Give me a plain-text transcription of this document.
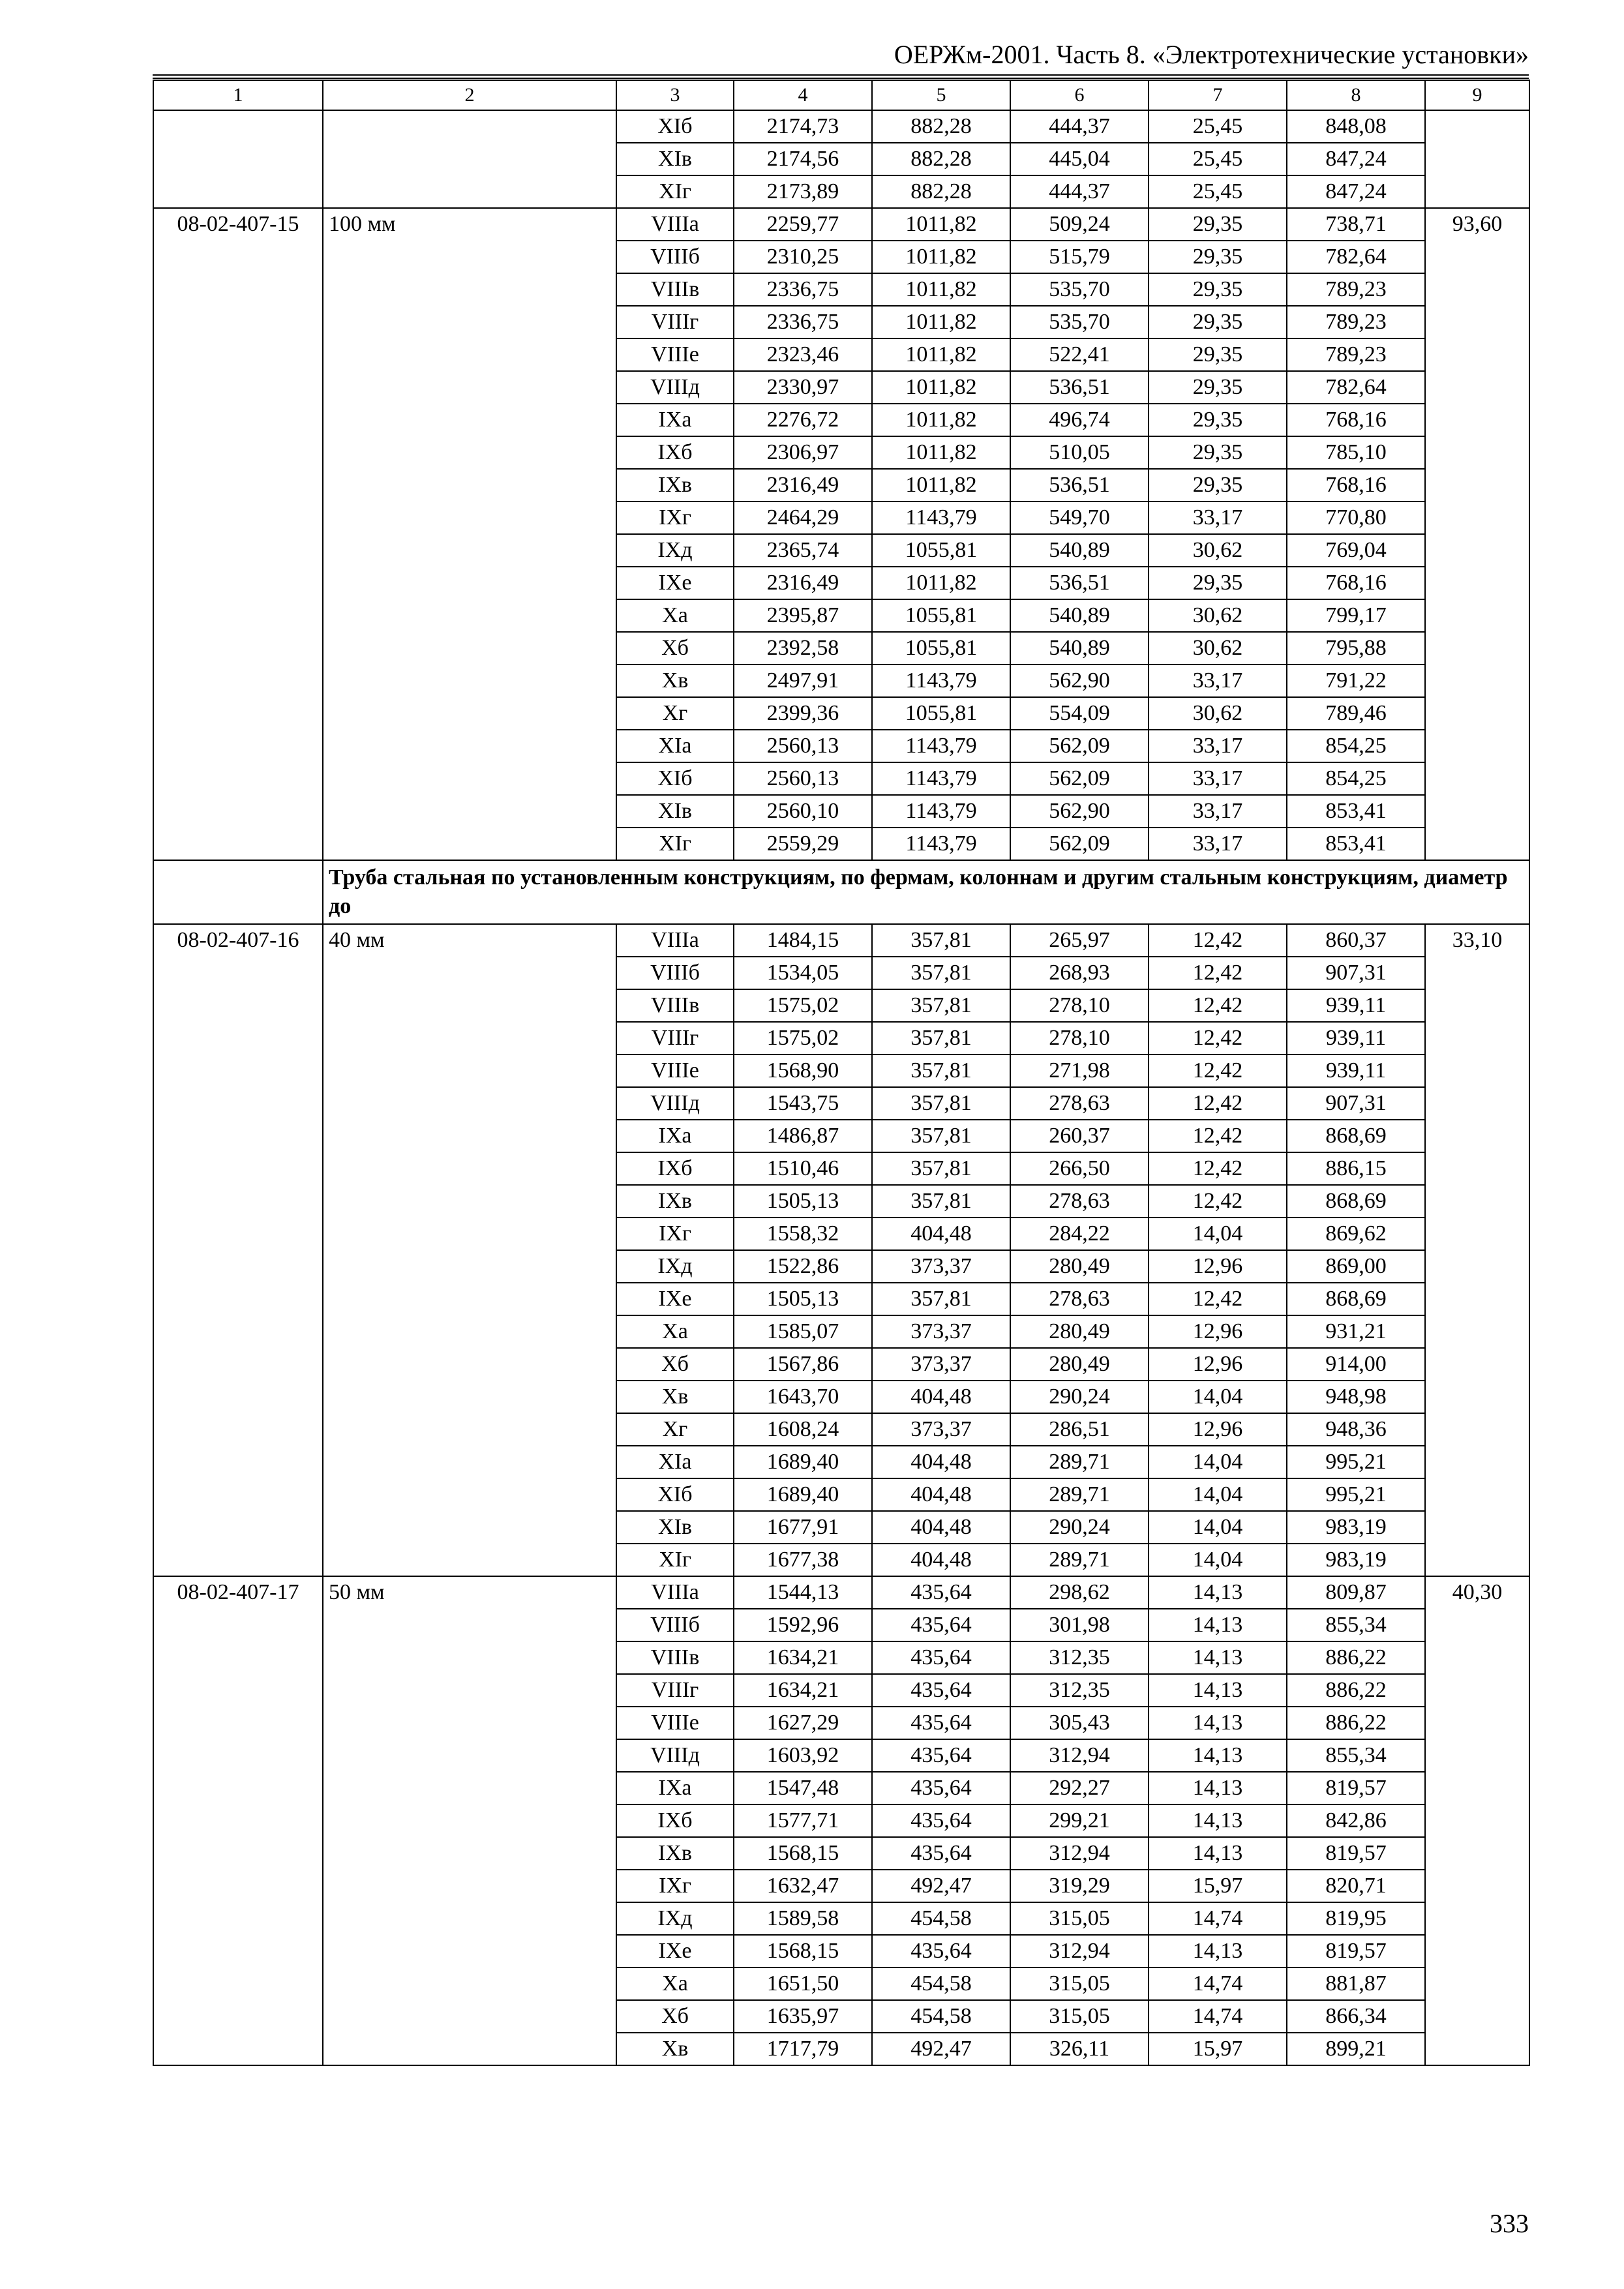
ОЕРЖм-2001. Часть 8. «Электротехнические установки»
1	2	3	4	5	6	7	8	9
		XIб	2174,73	882,28	444,37	25,45	848,08	
		XIв	2174,56	882,28	445,04	25,45	847,24	
		XIг	2173,89	882,28	444,37	25,45	847,24	
08-02-407-15	100 мм	VIIIа	2259,77	1011,82	509,24	29,35	738,71	93,60
		VIIIб	2310,25	1011,82	515,79	29,35	782,64	
		VIIIв	2336,75	1011,82	535,70	29,35	789,23	
		VIIIг	2336,75	1011,82	535,70	29,35	789,23	
		VIIIе	2323,46	1011,82	522,41	29,35	789,23	
		VIIIд	2330,97	1011,82	536,51	29,35	782,64	
		IXа	2276,72	1011,82	496,74	29,35	768,16	
		IXб	2306,97	1011,82	510,05	29,35	785,10	
		IXв	2316,49	1011,82	536,51	29,35	768,16	
		IXг	2464,29	1143,79	549,70	33,17	770,80	
		IXд	2365,74	1055,81	540,89	30,62	769,04	
		IXе	2316,49	1011,82	536,51	29,35	768,16	
		Xа	2395,87	1055,81	540,89	30,62	799,17	
		Xб	2392,58	1055,81	540,89	30,62	795,88	
		Xв	2497,91	1143,79	562,90	33,17	791,22	
		Xг	2399,36	1055,81	554,09	30,62	789,46	
		XIа	2560,13	1143,79	562,09	33,17	854,25	
		XIб	2560,13	1143,79	562,09	33,17	854,25	
		XIв	2560,10	1143,79	562,90	33,17	853,41	
		XIг	2559,29	1143,79	562,09	33,17	853,41	
	Труба стальная по установленным конструкциям, по фермам, колоннам и другим стальным конструкциям, диаметр до							
08-02-407-16	40 мм	VIIIа	1484,15	357,81	265,97	12,42	860,37	33,10
		VIIIб	1534,05	357,81	268,93	12,42	907,31	
		VIIIв	1575,02	357,81	278,10	12,42	939,11	
		VIIIг	1575,02	357,81	278,10	12,42	939,11	
		VIIIе	1568,90	357,81	271,98	12,42	939,11	
		VIIIд	1543,75	357,81	278,63	12,42	907,31	
		IXа	1486,87	357,81	260,37	12,42	868,69	
		IXб	1510,46	357,81	266,50	12,42	886,15	
		IXв	1505,13	357,81	278,63	12,42	868,69	
		IXг	1558,32	404,48	284,22	14,04	869,62	
		IXд	1522,86	373,37	280,49	12,96	869,00	
		IXе	1505,13	357,81	278,63	12,42	868,69	
		Xа	1585,07	373,37	280,49	12,96	931,21	
		Xб	1567,86	373,37	280,49	12,96	914,00	
		Xв	1643,70	404,48	290,24	14,04	948,98	
		Xг	1608,24	373,37	286,51	12,96	948,36	
		XIа	1689,40	404,48	289,71	14,04	995,21	
		XIб	1689,40	404,48	289,71	14,04	995,21	
		XIв	1677,91	404,48	290,24	14,04	983,19	
		XIг	1677,38	404,48	289,71	14,04	983,19	
08-02-407-17	50 мм	VIIIа	1544,13	435,64	298,62	14,13	809,87	40,30
		VIIIб	1592,96	435,64	301,98	14,13	855,34	
		VIIIв	1634,21	435,64	312,35	14,13	886,22	
		VIIIг	1634,21	435,64	312,35	14,13	886,22	
		VIIIе	1627,29	435,64	305,43	14,13	886,22	
		VIIIд	1603,92	435,64	312,94	14,13	855,34	
		IXа	1547,48	435,64	292,27	14,13	819,57	
		IXб	1577,71	435,64	299,21	14,13	842,86	
		IXв	1568,15	435,64	312,94	14,13	819,57	
		IXг	1632,47	492,47	319,29	15,97	820,71	
		IXд	1589,58	454,58	315,05	14,74	819,95	
		IXе	1568,15	435,64	312,94	14,13	819,57	
		Xа	1651,50	454,58	315,05	14,74	881,87	
		Xб	1635,97	454,58	315,05	14,74	866,34	
		Xв	1717,79	492,47	326,11	15,97	899,21	
333
